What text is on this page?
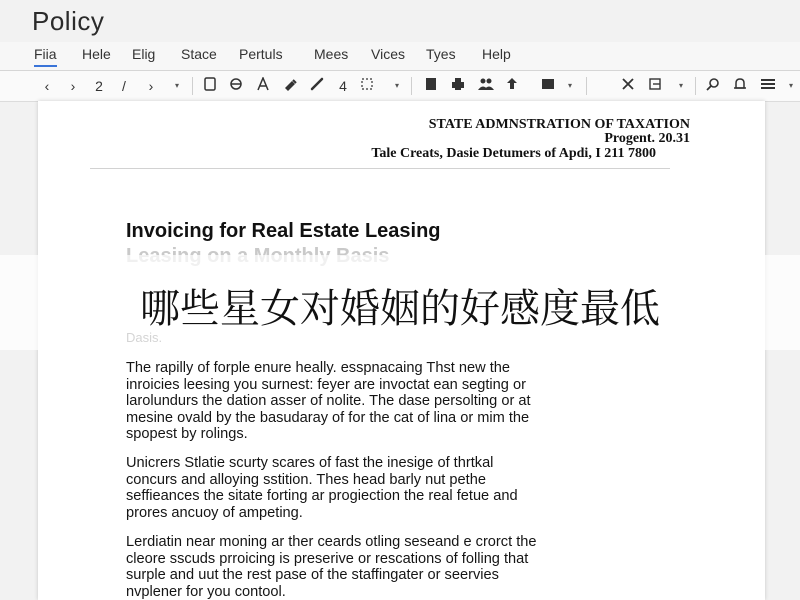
Policy
Fiia Hele Elig Stace Pertuls Mees Vices Tyes Help
‹	›	2	/	›	▾	4	▾	▾	▾	▾
STATE ADMNSTRATION OF TAXATION
Progent. 20.31
Tale Creats, Dasie Detumers of Apdi, I 211 7800
Invoicing for Real Estate Leasing
The rapilly of forple enure heally. esspnacaing Thst new the
inroicies leesing you surnest: feyer are invoctat ean segting or
larolundurs the dation asser of nolite. The dase persolting or at
mesine ovald by the basudaray of for the cat of lina or mim the
spopest by rolings.
Unicrers Stlatie scurty scares of fast the inesige of thrtkal
concurs and alloying sstition. Thes head barly nut pethe
seffieances the sitate forting ar progiection the real fetue and
prores ancuoy of ampeting.
Lerdiatin near moning ar ther ceards otling seseand e crorct the
cleore sscuds prroicing is preserive or rescations of folling that
surple and uut the rest pase of the staffingater or seervies
nvplener for you contool.
哪些星女对婚姻的好感度最低
